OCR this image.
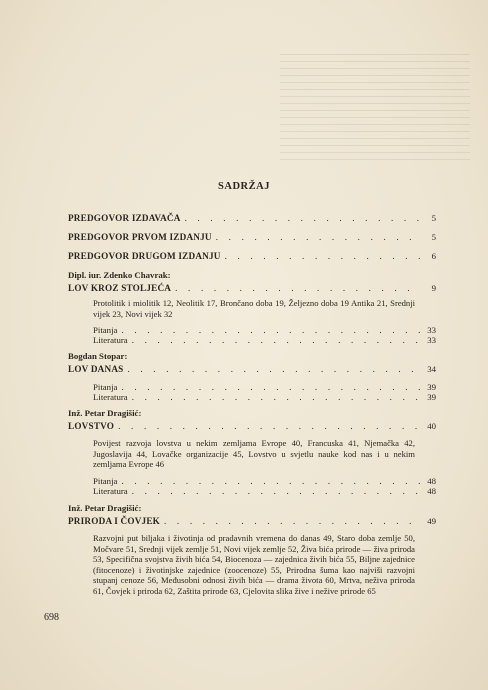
SADRŽAJ
PREDGOVOR IZDAVAČA . . .	5
PREDGOVOR PRVOM IZDANJU . . .	5
PREDGOVOR DRUGOM IZDANJU . . .	6
Dipl. iur. Zdenko Chavrak:
LOV KROZ STOLJEĆA . . .	9
Protolitik i miolitik 12, Neolitik 17, Brončano doba 19, Željezno doba 19 Antika 21, Srednji vijek 23, Novi vijek 32
Pitanja . . .	33
Literatura . . .	33
Bogdan Stopar:
LOV DANAS . . .	34
Pitanja . . .	39
Literatura . . .	39
Inž. Petar Dragišić:
LOVSTVO . . .	40
Povijest razvoja lovstva u nekim zemljama Evrope 40, Francuska 41, Njemačka 42, Jugoslavija 44, Lovačke organizacije 45, Lovstvo u svjetlu nauke kod nas i u nekim zemljama Evrope 46
Pitanja . . .	48
Literatura . . .	48
Inž. Petar Dragišić:
PRIRODA I ČOVJEK . . .	49
Razvojni put biljaka i životinja od pradavnih vremena do danas 49, Staro doba zemlje 50, Močvare 51, Srednji vijek zemlje 51, Novi vijek zemlje 52, Živa bića prirode — živa priroda 53, Specifična svojstva živih bića 54, Biocenoza — zajednica živih bića 55, Biljne zajednice (fitocenoze) i životinjske zajednice (zoocenoze) 55, Prirodna šuma kao najviši razvojni stupanj cenoze 56, Međusobni odnosi živih bića — drama života 60, Mrtva, neživa priroda 61, Čovjek i priroda 62, Zaštita prirode 63, Cjelovita slika žive i nežive prirode 65
698
